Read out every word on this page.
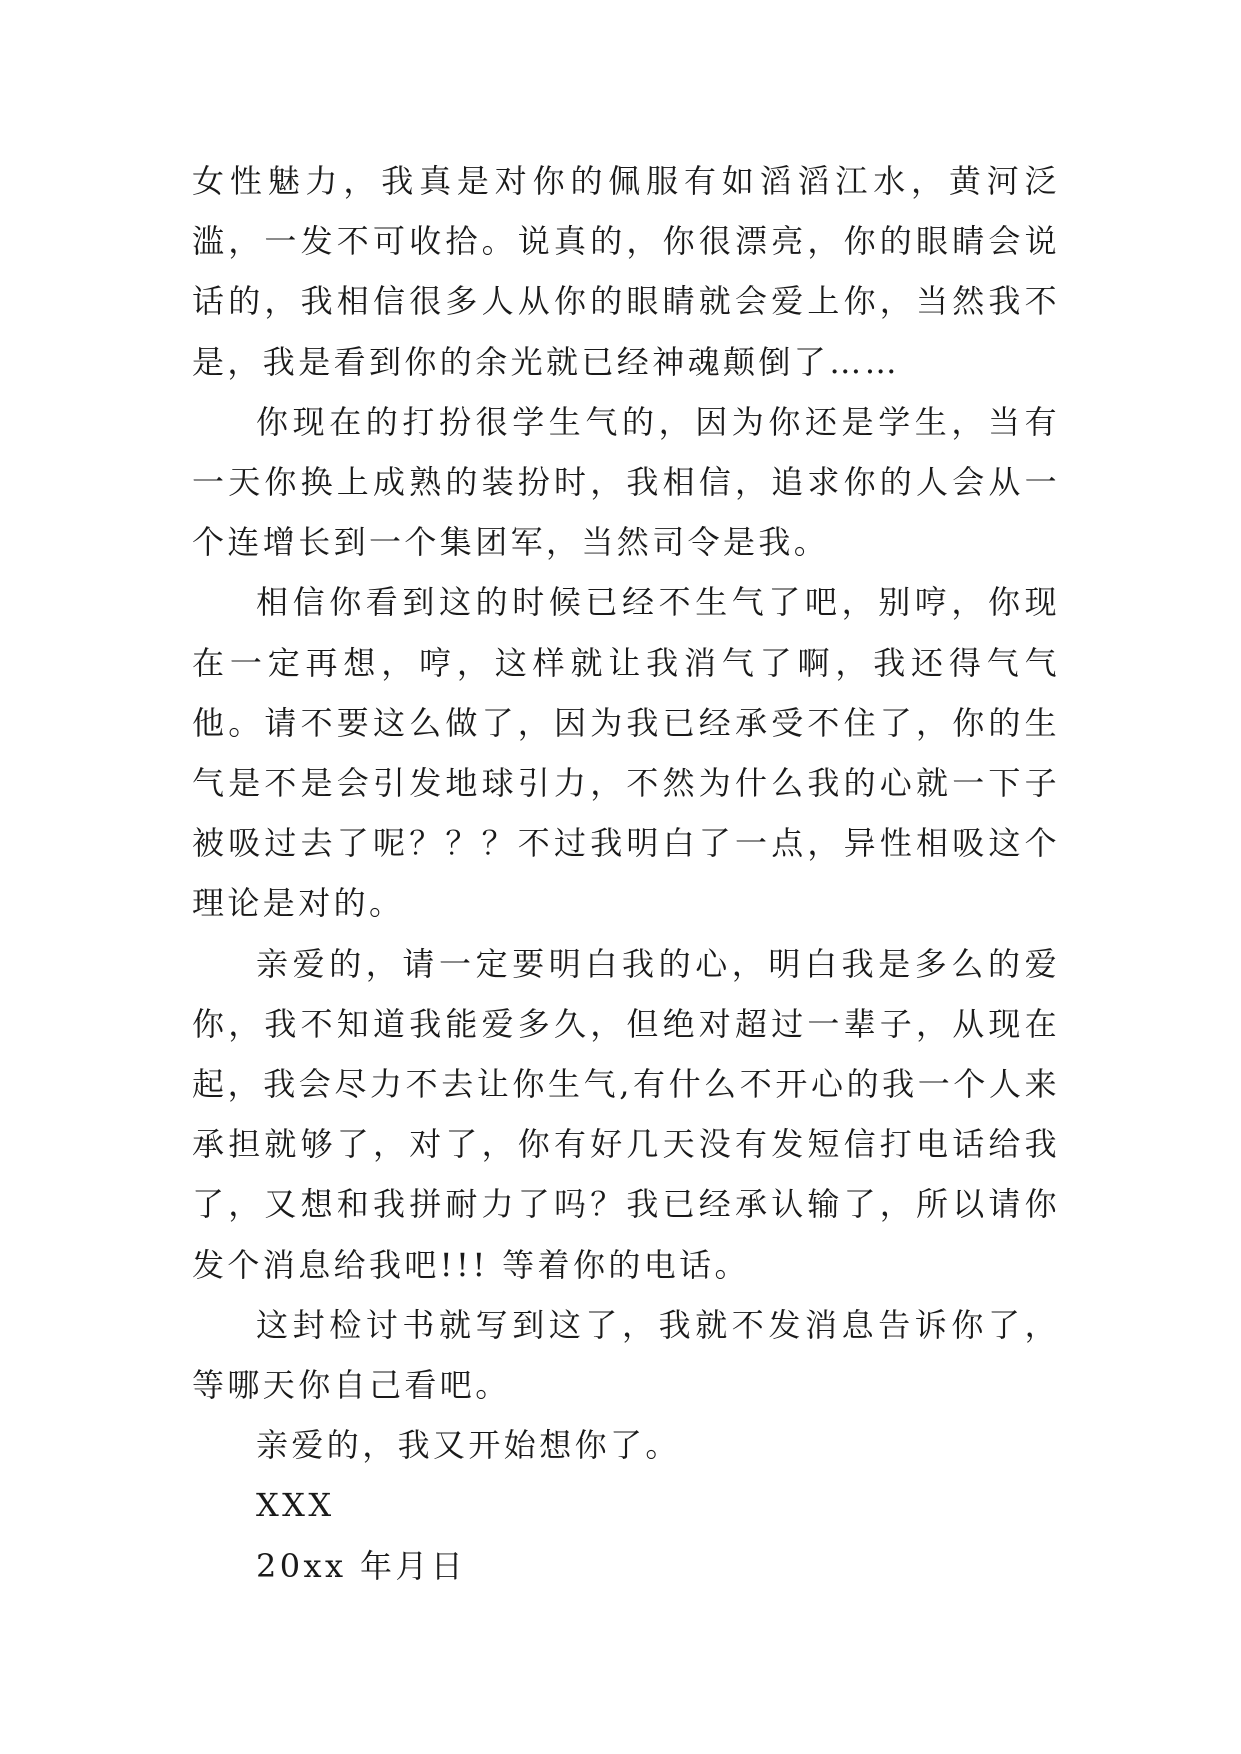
女性魅力，我真是对你的佩服有如滔滔江水，黄河泛滥，一发不可收拾。说真的，你很漂亮，你的眼睛会说话的，我相信很多人从你的眼睛就会爱上你，当然我不是，我是看到你的余光就已经神魂颠倒了……

你现在的打扮很学生气的，因为你还是学生，当有一天你换上成熟的装扮时，我相信，追求你的人会从一个连增长到一个集团军，当然司令是我。

相信你看到这的时候已经不生气了吧，别哼，你现在一定再想，哼，这样就让我消气了啊，我还得气气他。请不要这么做了，因为我已经承受不住了，你的生气是不是会引发地球引力，不然为什么我的心就一下子被吸过去了呢？？？不过我明白了一点，异性相吸这个理论是对的。

亲爱的，请一定要明白我的心，明白我是多么的爱你，我不知道我能爱多久，但绝对超过一辈子，从现在起，我会尽力不去让你生气,有什么不开心的我一个人来承担就够了，对了，你有好几天没有发短信打电话给我了，又想和我拼耐力了吗？我已经承认输了，所以请你发个消息给我吧!!! 等着你的电话。

这封检讨书就写到这了，我就不发消息告诉你了，等哪天你自己看吧。

亲爱的，我又开始想你了。

XXX

20xx 年月日
